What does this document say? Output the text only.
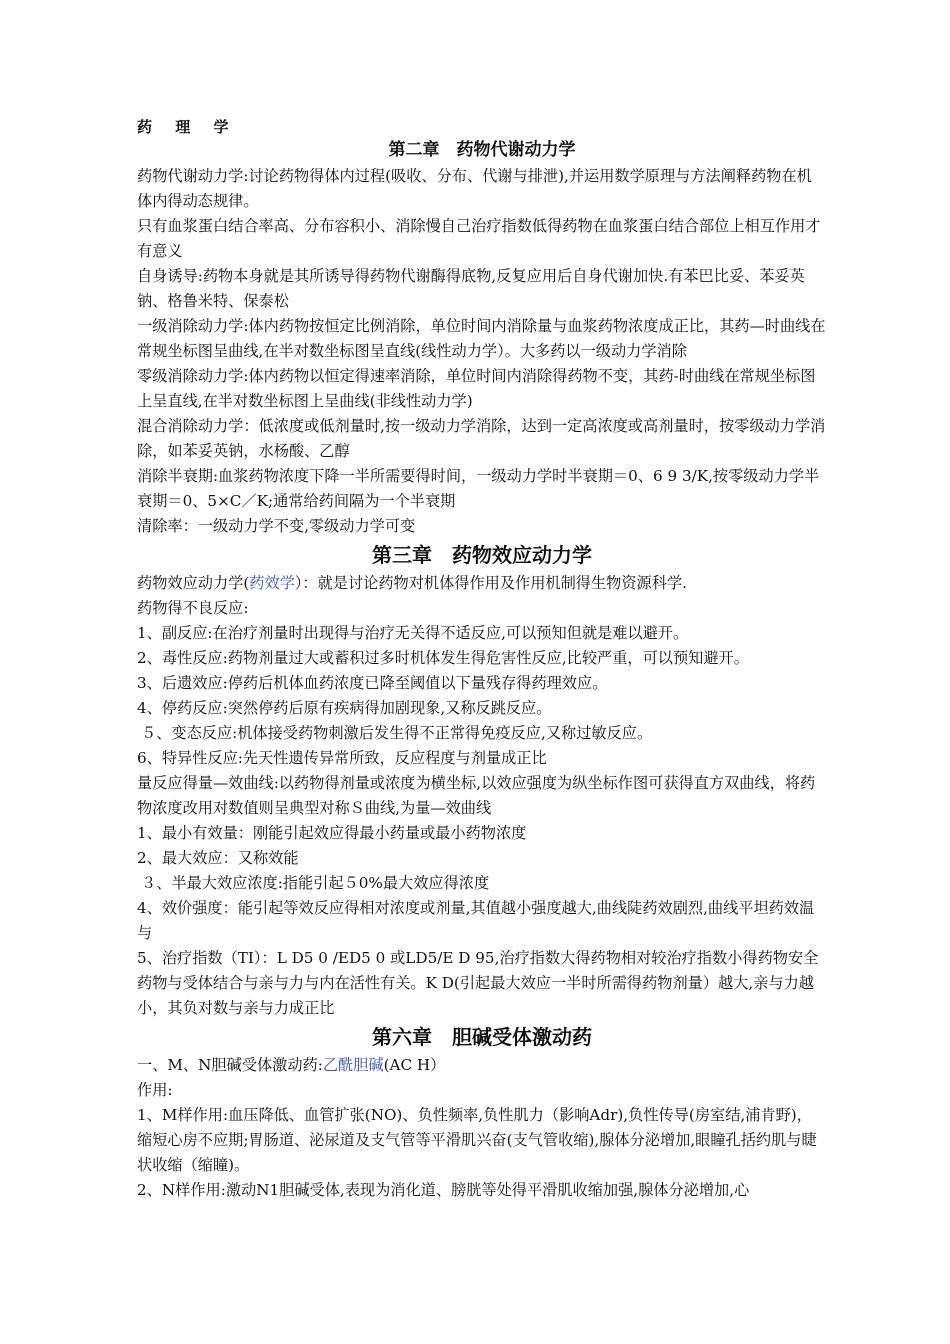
药 理 学
第二章　药物代谢动力学

药物代谢动力学:讨论药物得体内过程(吸收、分布、代谢与排泄),并运用数学原理与方法阐释药物在机体内得动态规律。

只有血浆蛋白结合率高、分布容积小、消除慢自己治疗指数低得药物在血浆蛋白结合部位上相互作用才有意义

自身诱导:药物本身就是其所诱导得药物代谢酶得底物,反复应用后自身代谢加快.有苯巴比妥、苯妥英钠、格鲁米特、保泰松

一级消除动力学:体内药物按恒定比例消除，单位时间内消除量与血浆药物浓度成正比，其药—时曲线在常规坐标图呈曲线,在半对数坐标图呈直线(线性动力学）。大多药以一级动力学消除

零级消除动力学:体内药物以恒定得速率消除，单位时间内消除得药物不变，其药-时曲线在常规坐标图上呈直线,在半对数坐标图上呈曲线(非线性动力学)

混合消除动力学：低浓度或低剂量时,按一级动力学消除，达到一定高浓度或高剂量时，按零级动力学消除，如苯妥英钠，水杨酸、乙醇

消除半衰期:血浆药物浓度下降一半所需要得时间，一级动力学时半衰期＝0、6 9 3/K,按零级动力学半衰期＝0、5×C／K;通常给药间隔为一个半衰期

清除率：一级动力学不变,零级动力学可变

第三章　药物效应动力学

药物效应动力学(药效学）：就是讨论药物对机体得作用及作用机制得生物资源科学.

药物得不良反应:

1、副反应:在治疗剂量时出现得与治疗无关得不适反应,可以预知但就是难以避开。

2、毒性反应:药物剂量过大或蓄积过多时机体发生得危害性反应,比较严重，可以预知避开。

3、后遗效应:停药后机体血药浓度已降至阈值以下量残存得药理效应。

4、停药反应:突然停药后原有疾病得加剧现象,又称反跳反应。

５、变态反应:机体接受药物刺激后发生得不正常得免疫反应,又称过敏反应。

6、特异性反应:先天性遗传异常所致，反应程度与剂量成正比

量反应得量—效曲线:以药物得剂量或浓度为横坐标,以效应强度为纵坐标作图可获得直方双曲线，将药物浓度改用对数值则呈典型对称Ｓ曲线,为量—效曲线

1、最小有效量：刚能引起效应得最小药量或最小药物浓度

2、最大效应：又称效能

３、半最大效应浓度:指能引起５0%最大效应得浓度

4、效价强度：能引起等效反应得相对浓度或剂量,其值越小强度越大,曲线陡药效剧烈,曲线平坦药效温与

5、治疗指数（TI）：L D5 0 /ED5 0 或LD5/E D 95,治疗指数大得药物相对较治疗指数小得药物安全

药物与受体结合与亲与力与内在活性有关。K D(引起最大效应一半时所需得药物剂量）越大,亲与力越小，其负对数与亲与力成正比

第六章　胆碱受体激动药

一、M、N胆碱受体激动药:乙酰胆碱(AC H）

作用:

1、M样作用:血压降低、血管扩张(NO)、负性频率,负性肌力（影响Adr),负性传导(房室结,浦肯野)，缩短心房不应期;胃肠道、泌尿道及支气管等平滑肌兴奋(支气管收缩),腺体分泌增加,眼瞳孔括约肌与睫状收缩（缩瞳)。

2、N样作用:激动N1胆碱受体,表现为消化道、膀胱等处得平滑肌收缩加强,腺体分泌增加,心
